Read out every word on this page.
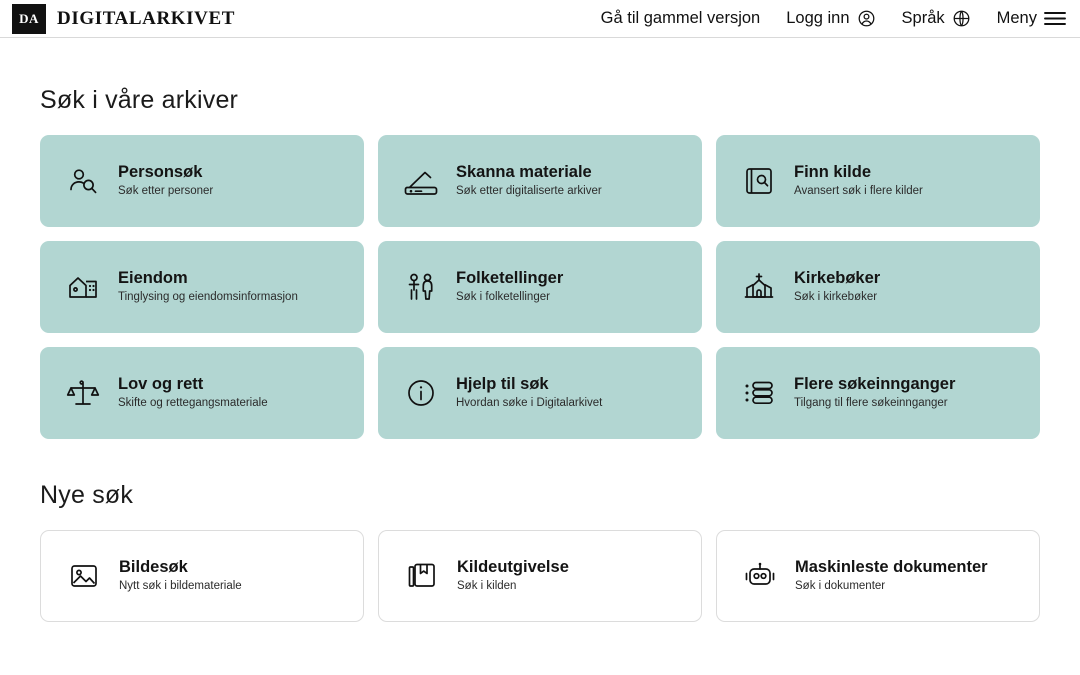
DA DIGITALARKIVET	Gå til gammel versjon Logg inn	Språk	Meny
Søk i våre arkiver
Personsøk
Søk etter personer
Skanna materiale
Søk etter digitaliserte arkiver
Finn kilde
Avansert søk i flere kilder
Eiendom
Tinglysing og eiendomsinformasjon
Folketellinger
Søk i folketellinger
Kirkebøker
Søk i kirkebøker
Lov og rett
Skifte og rettegangsmateriale
Hjelp til søk
Hvordan søke i Digitalarkivet
Flere søkeinnganger
Tilgang til flere søkeinnganger
Nye søk
Bildesøk
Nytt søk i bildemateriale
Kildeutgivelse
Søk i kilden
Maskinleste dokumenter
Søk i dokumenter
